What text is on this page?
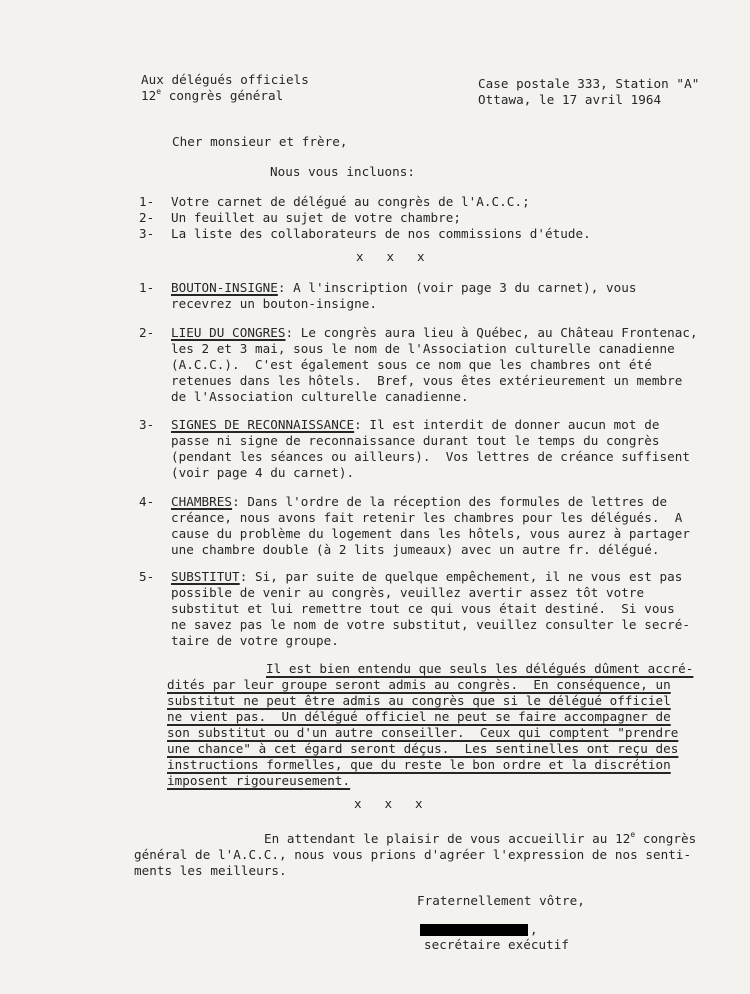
Aux délégués officiels
12e congrès général
Case postale 333, Station "A"
Ottawa, le 17 avril 1964
Cher monsieur et frère,
Nous vous incluons:
1- Votre carnet de délégué au congrès de l'A.C.C.;
2- Un feuillet au sujet de votre chambre;
3- La liste des collaborateurs de nos commissions d'étude.
x   x   x
1- BOUTON-INSIGNE: A l'inscription (voir page 3 du carnet), vous
recevrez un bouton-insigne.
2- LIEU DU CONGRES: Le congrès aura lieu à Québec, au Château Frontenac,
les 2 et 3 mai, sous le nom de l'Association culturelle canadienne
(A.C.C.).  C'est également sous ce nom que les chambres ont été
retenues dans les hôtels.  Bref, vous êtes extérieurement un membre
de l'Association culturelle canadienne.
3- SIGNES DE RECONNAISSANCE: Il est interdit de donner aucun mot de
passe ni signe de reconnaissance durant tout le temps du congrès
(pendant les séances ou ailleurs).  Vos lettres de créance suffisent
(voir page 4 du carnet).
4- CHAMBRES: Dans l'ordre de la réception des formules de lettres de
créance, nous avons fait retenir les chambres pour les délégués.  A
cause du problème du logement dans les hôtels, vous aurez à partager
une chambre double (à 2 lits jumeaux) avec un autre fr. délégué.
5- SUBSTITUT: Si, par suite de quelque empêchement, il ne vous est pas
possible de venir au congrès, veuillez avertir assez tôt votre
substitut et lui remettre tout ce qui vous était destiné.  Si vous
ne savez pas le nom de votre substitut, veuillez consulter le secré-
taire de votre groupe.
Il est bien entendu que seuls les délégués dûment accré-
dités par leur groupe seront admis au congrès.  En conséquence, un
substitut ne peut être admis au congrès que si le délégué officiel
ne vient pas.  Un délégué officiel ne peut se faire accompagner de
son substitut ou d'un autre conseiller.  Ceux qui comptent "prendre
une chance" à cet égard seront déçus.  Les sentinelles ont reçu des
instructions formelles, que du reste le bon ordre et la discrétion
imposent rigoureusement.
x   x   x
En attendant le plaisir de vous accueillir au 12e congrès
général de l'A.C.C., nous vous prions d'agréer l'expression de nos senti-
ments les meilleurs.
Fraternellement vôtre,
,
secrétaire exécutif
